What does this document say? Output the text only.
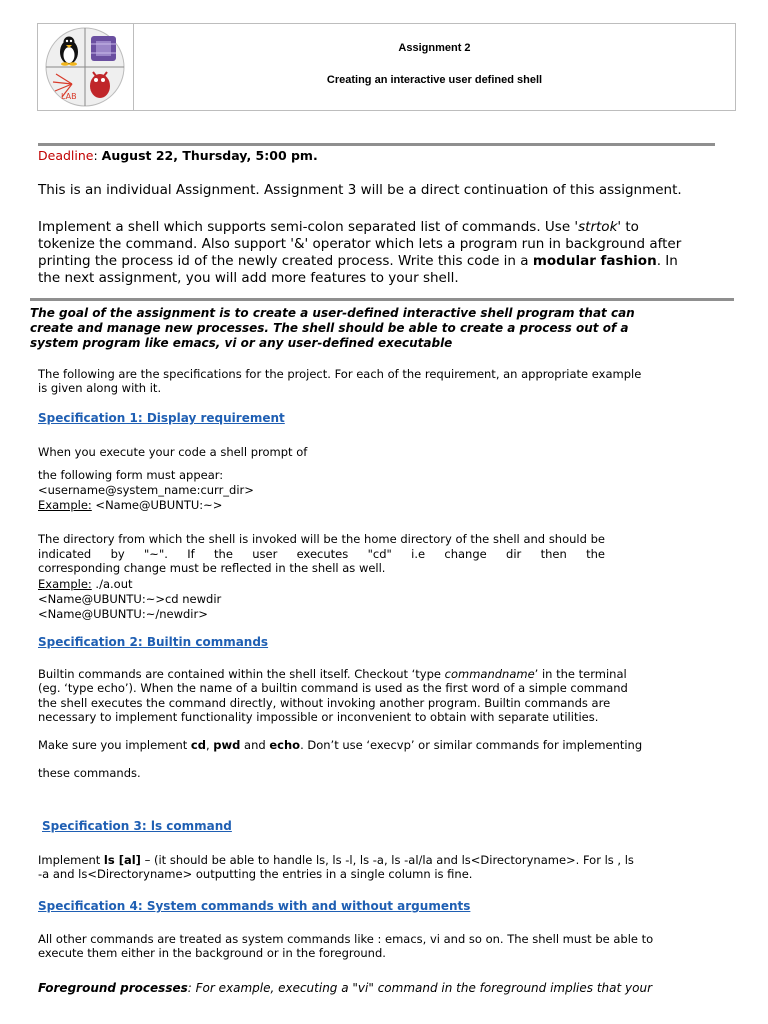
LAB
Assignment 2
Creating an interactive user defined shell
Deadline: August 22, Thursday, 5:00 pm.
This is an individual Assignment. Assignment 3 will be a direct continuation of this assignment.
Implement a shell which supports semi-colon separated list of commands. Use 'strtok' to
tokenize the command. Also support '&' operator which lets a program run in background after
printing the process id of the newly created process. Write this code in a modular fashion. In
the next assignment, you will add more features to your shell.
The goal of the assignment is to create a user-defined interactive shell program that can
create and manage new processes. The shell should be able to create a process out of a
system program like emacs, vi or any user-defined executable
The following are the specifications for the project. For each of the requirement, an appropriate example
is given along with it.
Specification 1: Display requirement
When you execute your code a shell prompt of
the following form must appear:
<username@system_name:curr_dir>
Example: <Name@UBUNTU:~>
The directory from which the shell is invoked will be the home directory of the shell and should be indicated by "~". If the user executes "cd" i.e change dir then the
corresponding change must be reflected in the shell as well.
Example: ./a.out
<Name@UBUNTU:~>cd newdir
<Name@UBUNTU:~/newdir>
Specification 2: Builtin commands
Builtin commands are contained within the shell itself. Checkout ‘type commandname’ in the terminal
(eg. ‘type echo’). When the name of a builtin command is used as the first word of a simple command
the shell executes the command directly, without invoking another program. Builtin commands are
necessary to implement functionality impossible or inconvenient to obtain with separate utilities.
Make sure you implement cd, pwd and echo. Don’t use ‘execvp’ or similar commands for implementing
these commands.
Specification 3: ls command
Implement ls [al] – (it should be able to handle ls, ls -l, ls -a, ls -al/la and ls<Directoryname>. For ls , ls
-a and ls<Directoryname> outputting the entries in a single column is fine.
Specification 4: System commands with and without arguments
All other commands are treated as system commands like : emacs, vi and so on. The shell must be able to
execute them either in the background or in the foreground.
Foreground processes: For example, executing a "vi" command in the foreground implies that your
